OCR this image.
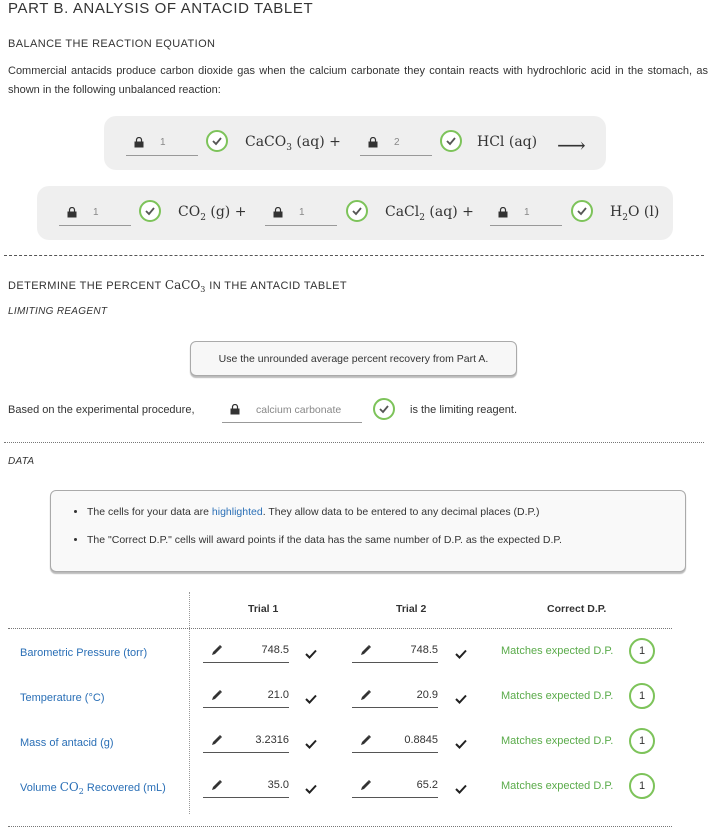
PART B. ANALYSIS OF ANTACID TABLET
BALANCE THE REACTION EQUATION
Commercial antacids produce carbon dioxide gas when the calcium carbonate they contain reacts with hydrochloric acid in the stomach, as shown in the following unbalanced reaction:
1	CaCO$_3$ (aq) +	2	HCl (aq) ⟶
1	$CO_2$ (g) +	1	CaCl$_2$ (aq) +	1	$H_2O$ (l)
DETERMINE THE PERCENT CaCO$_3$ IN THE ANTACID TABLET
LIMITING REAGENT
Use the unrounded average percent recovery from Part A.
Based on the experimental procedure,	calcium carbonate	is the limiting reagent.
DATA
• The cells for your data are highlighted. They allow data to be entered to any decimal places (D.P.)
• The "Correct D.P." cells will award points if the data has the same number of D.P. as the expected D.P.
Trial 1	Trial 2	Correct D.P.
Barometric Pressure (torr)	748.5	748.5	Matches expected D.P.	1
Temperature (°C)	21.0	20.9	Matches expected D.P.	1
Mass of antacid (g)	3.2316	0.8845	Matches expected D.P.	1
Volume $CO_2$ Recovered (mL)	35.0	65.2	Matches expected D.P.	1
